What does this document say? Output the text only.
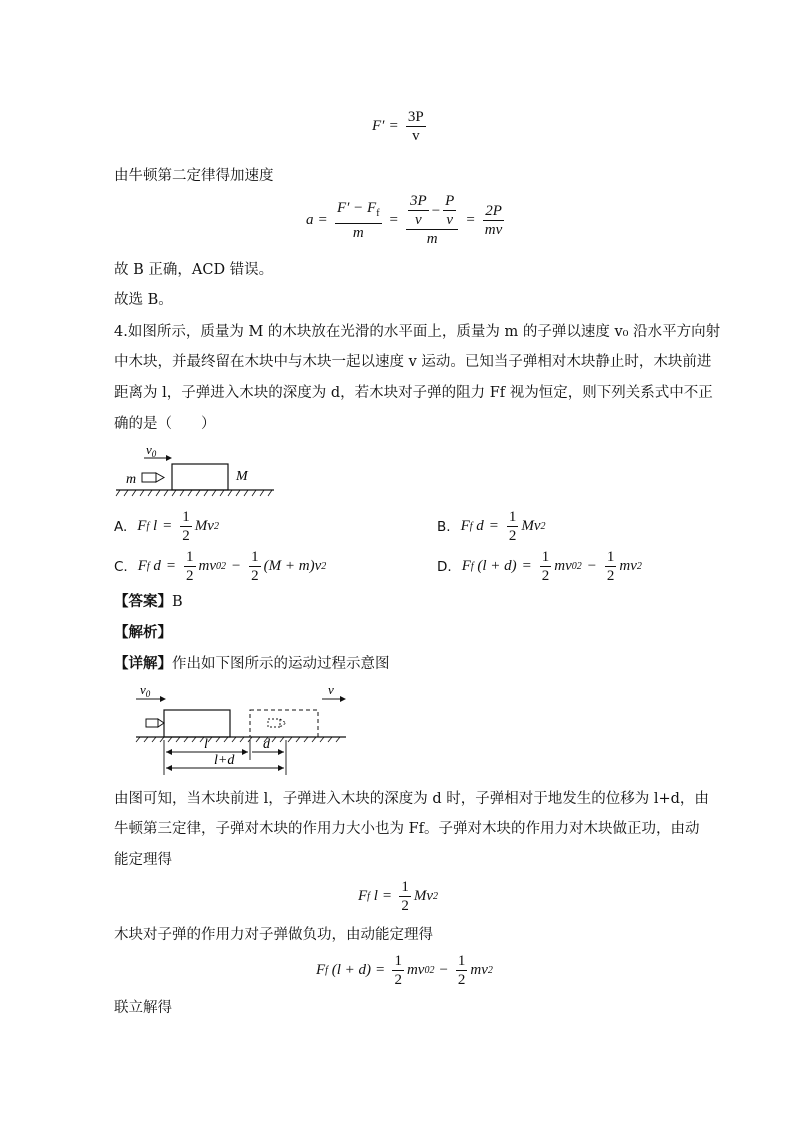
$F' = \frac{3P}{v}$
由牛顿第二定律得加速度
$a = \frac{F' - F_f}{m} = \frac{3P}{v} - \frac{P}{v}$
m
= $\frac{2P}{mv}$
故 B 正确，ACD 错误。
故选 B。
4.如图所示，质量为 M 的木块放在光滑的水平面上，质量为 m 的子弹以速度 v₀ 沿水平方向射
中木块，并最终留在木块中与木块一起以速度 v 运动。已知当子弹相对木块静止时，木块前进
距离为 l，子弹进入木块的深度为 d，若木块对子弹的阻力 Ff 视为恒定，则下列关系式中不正
确的是（　　）
$v_0$
m	M
A. F f $l = \frac{1}{2}$ Mv 2	B. F f $d = \frac{1}{2}$ Mv 2
C. F f $d = \frac{1}{2}$ mv 0 $2 - \frac{1}{2} (M + m)v$ 2	D. F f $(l + d) = \frac{1}{2}$ mv 0 $2 - \frac{1}{2}$ mv 2
【答案】B
【解析】
【详解】作出如下图所示的运动过程示意图
$v_0$	v
l	d
l+d
由图可知，当木块前进 l，子弹进入木块的深度为 d 时，子弹相对于地发生的位移为 l+d，由
牛顿第三定律，子弹对木块的作用力大小也为 Ff。子弹对木块的作用力对木块做正功，由动
能定理得
F f $l = \frac{1}{2}$ Mv 2
木块对子弹的作用力对子弹做负功，由动能定理得
F f $(l + d) = \frac{1}{2}$ mv 0 $2 - \frac{1}{2}$ mv 2
联立解得
